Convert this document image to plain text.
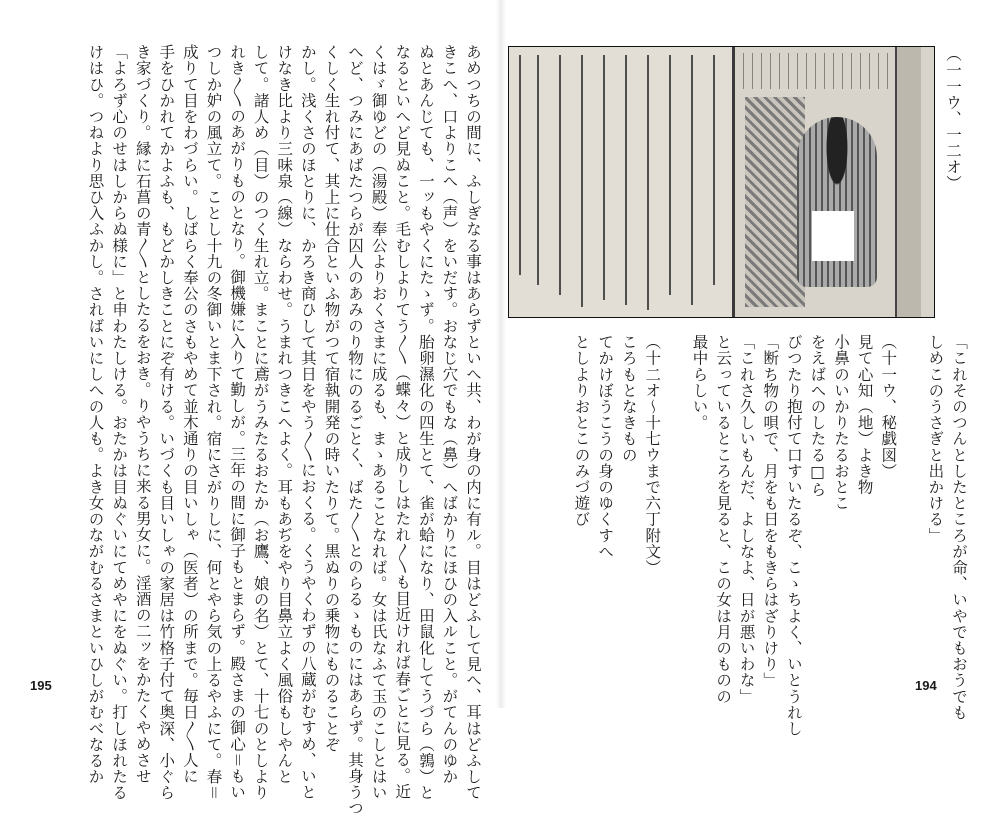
あめつちの間に、ふしぎなる事はあらずといへ共、わが身の内に有ル。目はどふして見へ、耳はどふして
きこへ、口よりこへ（声）をいだす。おなじ穴でもな（鼻）へばかりにほひの入ルこと。がてんのゆか
ぬとあんじても、一ッもやくにたゝず。胎卵濕化の四生とて、雀が蛤になり、田鼠化してうづら（鶉）と
なるといへど見ぬこと。毛むしよりてう〳〵（蝶々）と成りしはたれ〳〵も目近ければ春ごとに見る。近
くはゞ御ゆどの（湯殿）奉公よりおくさまに成るも、まゝあることなれば。女は氏なふて玉のこしとはい
へど、つみにあばたつらが囚人のあみのり物にのるごとく、ばた〳〵とのらるゝものにはあらず。其身うつ
くしく生れ付て、其上に仕合といふ物がつて宿執開発の時いたりて。黒ぬりの乗物にものることぞ
かし。浅くさのほとりに、かろき商ひして其日をやう〳〵におくる。くうやくわずの八蔵がむすめ、いと
けなき比より三味泉（線）ならわせ。うまれつきこへよく。耳もあぢをやり目鼻立よく風俗もしやんと
して。諸人め（目）のつく生れ立。まことに鳶がうみたるおたか（お鷹、娘の名）とて、十七のとしより
れき〳〵のあがりものとなり。御機嫌に入りて勤しが。三年の間に御子もとまらず。殿さまの御心＝もい
つしか妒の風立て。ことし十九の冬御いとま下され。宿にさがりしに、何とやら気の上るやふにて。春＝
成りて目をわづらい。しばらく奉公のさもやめて並木通りの目いしゃ（医者）の所まで。毎日〳〵人に
手をひかれてかよふも、もどかしきことにぞ有ける。いづくも目いしゃの家居は竹格子付て奥深、小ぐら
き家づくり。縁に石菖の青〳〵としたるをおき。りやうちに来る男女に。淫酒の二ッをかたくやめさせ
「よろず心のせはしからぬ様に」と申わたしける。おたかは目ぬぐいにてめやにをぬぐい。打しほれたる
けはひ。つねより思ひ入ふかし。さればいにしへの人も。よき女のながむるさまといひしがむべなるか
195
（一一ウ、一二オ）
「これそのつんとしたところが命、いやでもおうでも
しめこのうさぎと出かける」

（十一ウ、秘戯図）
見て心知（地）よき物
小鼻のいかりたるおとこ
をえばへのしたる□ら
びつたり抱付て口すいたるぞ、こゝちよく、いとうれし
「断ち物の唄で、月をも日をもきらはざりけり」
「これさ久しいもんだ、よしなよ、日が悪いわな」
と云っているところを見ると、この女は月のものの
最中らしい。

（十二オ～十七ウまで六丁附文）
ころもとなきもの
てかけぼうこうの身のゆくすへ
としよりおとこのみづ遊び
194
